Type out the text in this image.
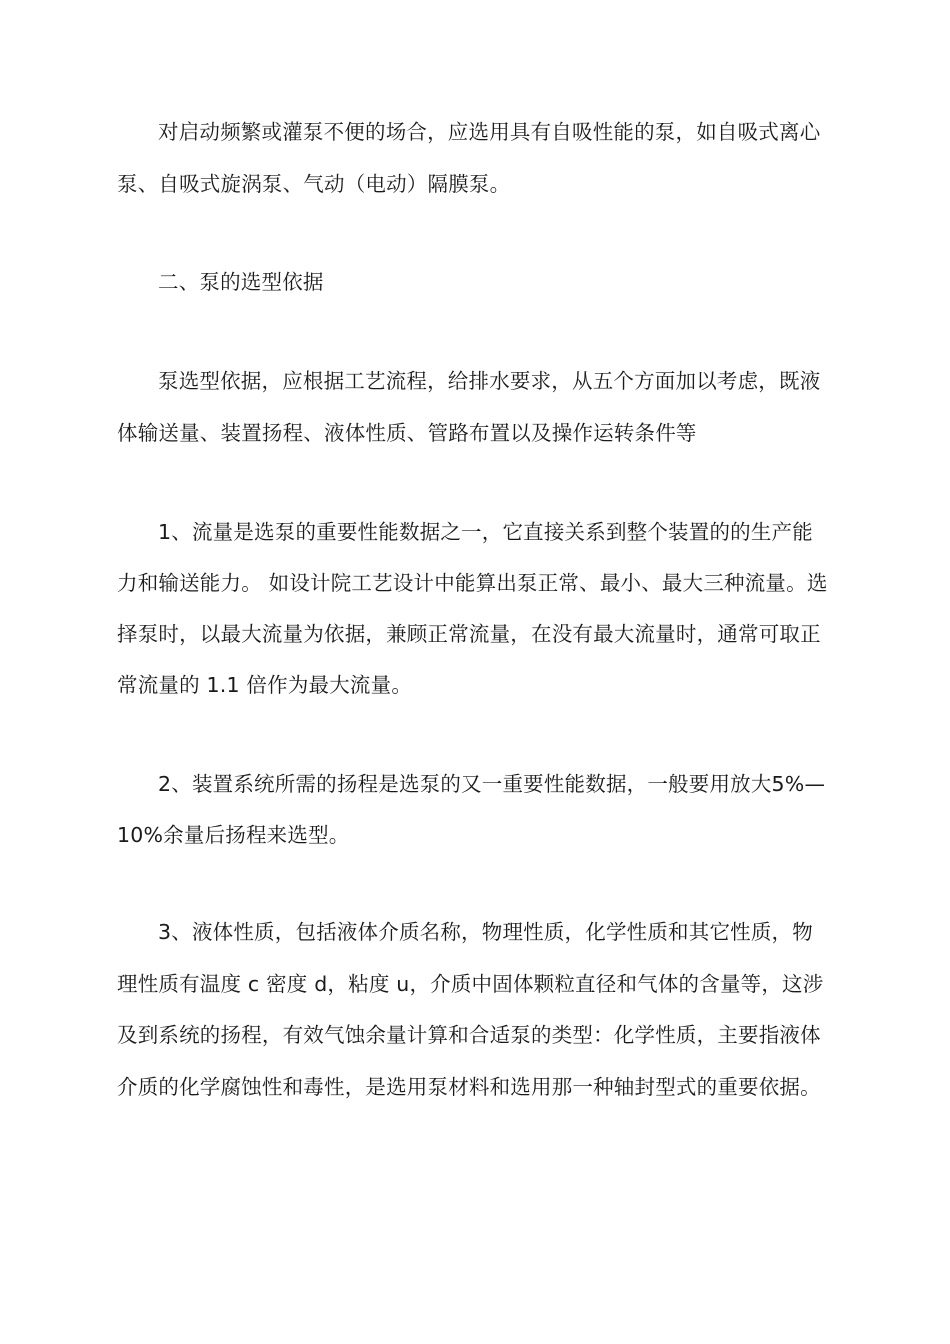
对启动频繁或灌泵不便的场合，应选用具有自吸性能的泵，如自吸式离心泵、自吸式旋涡泵、气动（电动）隔膜泵。

二、泵的选型依据

泵选型依据，应根据工艺流程，给排水要求，从五个方面加以考虑，既液体输送量、装置扬程、液体性质、管路布置以及操作运转条件等

1、流量是选泵的重要性能数据之一，它直接关系到整个装置的的生产能力和输送能力。 如设计院工艺设计中能算出泵正常、最小、最大三种流量。选择泵时，以最大流量为依据，兼顾正常流量，在没有最大流量时，通常可取正常流量的 1.1 倍作为最大流量。

2、装置系统所需的扬程是选泵的又一重要性能数据，一般要用放大5%—10%余量后扬程来选型。

3、液体性质，包括液体介质名称，物理性质，化学性质和其它性质，物理性质有温度 c 密度 d，粘度 u，介质中固体颗粒直径和气体的含量等，这涉及到系统的扬程，有效气蚀余量计算和合适泵的类型：化学性质，主要指液体介质的化学腐蚀性和毒性，是选用泵材料和选用那一种轴封型式的重要依据。
